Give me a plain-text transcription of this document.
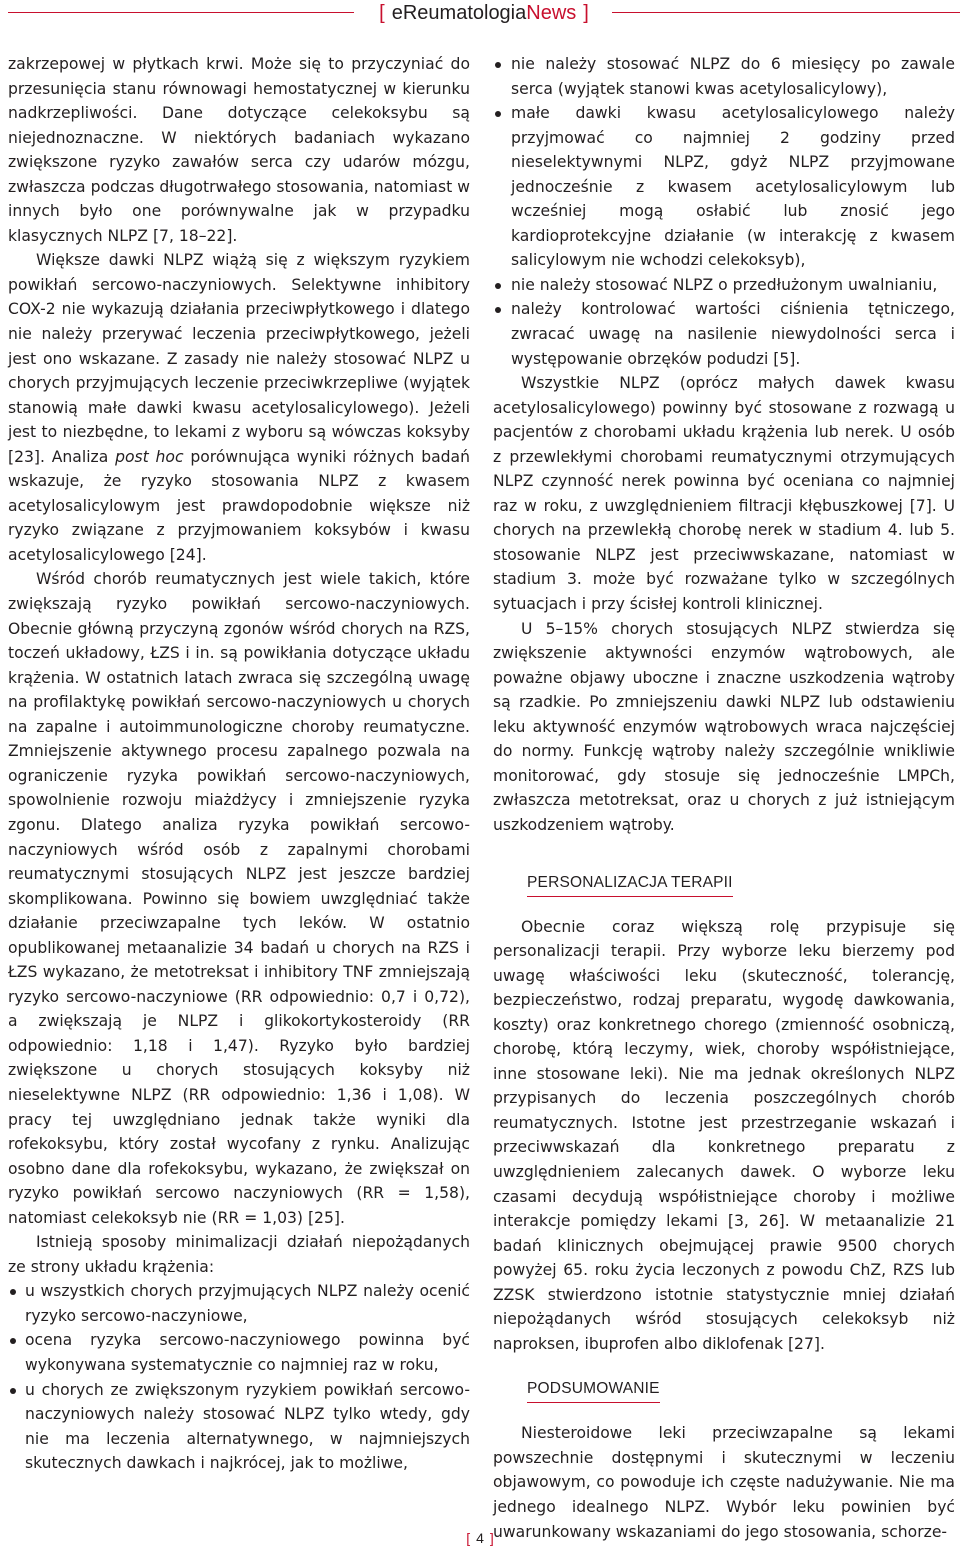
[ eReumatologia News ]

zakrzepowej w płytkach krwi. Może się to przyczyniać do przesunięcia stanu równowagi hemostatycznej w kierunku nadkrzepliwości. Dane dotyczące celekoksybu są niejednoznaczne. W niektórych badaniach wykazano zwiększone ryzyko zawałów serca czy udarów mózgu, zwłaszcza podczas długotrwałego stosowania, natomiast w innych było one porównywalne jak w przypadku klasycznych NLPZ [7, 18–22].

Większe dawki NLPZ wiążą się z większym ryzykiem powikłań sercowo-naczyniowych. Selektywne inhibitory COX-2 nie wykazują działania przeciwpłytkowego i dlatego nie należy przerywać leczenia przeciwpłytkowego, jeżeli jest ono wskazane. Z zasady nie należy stosować NLPZ u chorych przyjmujących leczenie przeciwkrzepliwe (wyjątek stanowią małe dawki kwasu acetylosalicylowego). Jeżeli jest to niezbędne, to lekami z wyboru są wówczas koksyby [23]. Analiza post hoc porównująca wyniki różnych badań wskazuje, że ryzyko stosowania NLPZ z kwasem acetylosalicylowym jest prawdopodobnie większe niż ryzyko związane z przyjmowaniem koksybów i kwasu acetylosalicylowego [24].

Wśród chorób reumatycznych jest wiele takich, które zwiększają ryzyko powikłań sercowo-naczyniowych. Obecnie główną przyczyną zgonów wśród chorych na RZS, toczeń układowy, ŁZS i in. są powikłania dotyczące układu krążenia. W ostatnich latach zwraca się szczególną uwagę na profilaktykę powikłań sercowo-naczyniowych u chorych na zapalne i autoimmunologiczne choroby reumatyczne. Zmniejszenie aktywnego procesu zapalnego pozwala na ograniczenie ryzyka powikłań sercowo-naczyniowych, spowolnienie rozwoju miażdżycy i zmniejszenie ryzyka zgonu. Dlatego analiza ryzyka powikłań sercowo-naczyniowych wśród osób z zapalnymi chorobami reumatycznymi stosujących NLPZ jest jeszcze bardziej skomplikowana. Powinno się bowiem uwzględniać także działanie przeciwzapalne tych leków. W ostatnio opublikowanej metaanalizie 34 badań u chorych na RZS i ŁZS wykazano, że metotreksat i inhibitory TNF zmniejszają ryzyko sercowo-naczyniowe (RR odpowiednio: 0,7 i 0,72), a zwiększają je NLPZ i glikokortykosteroidy (RR odpowiednio: 1,18 i 1,47). Ryzyko było bardziej zwiększone u chorych stosujących koksyby niż nieselektywne NLPZ (RR odpowiednio: 1,36 i 1,08). W pracy tej uwzględniano jednak także wyniki dla rofekoksybu, który został wycofany z rynku. Analizując osobno dane dla rofekoksybu, wykazano, że zwiększał on ryzyko powikłań sercowo naczyniowych (RR = 1,58), natomiast celekoksyb nie (RR = 1,03) [25].

Istnieją sposoby minimalizacji działań niepożądanych ze strony układu krążenia:

u wszystkich chorych przyjmujących NLPZ należy ocenić ryzyko sercowo-naczyniowe,
ocena ryzyka sercowo-naczyniowego powinna być wykonywana systematycznie co najmniej raz w roku,
u chorych ze zwiększonym ryzykiem powikłań sercowo-naczyniowych należy stosować NLPZ tylko wtedy, gdy nie ma leczenia alternatywnego, w najmniejszych skutecznych dawkach i najkrócej, jak to możliwe,
nie należy stosować NLPZ do 6 miesięcy po zawale serca (wyjątek stanowi kwas acetylosalicylowy),
małe dawki kwasu acetylosalicylowego należy przyjmować co najmniej 2 godziny przed nieselektywnymi NLPZ, gdyż NLPZ przyjmowane jednocześnie z kwasem acetylosalicylowym lub wcześniej mogą osłabić lub znosić jego kardioprotekcyjne działanie (w interakcję z kwasem salicylowym nie wchodzi celekoksyb),
nie należy stosować NLPZ o przedłużonym uwalnianiu,
należy kontrolować wartości ciśnienia tętniczego, zwracać uwagę na nasilenie niewydolności serca i występowanie obrzęków podudzi [5].

Wszystkie NLPZ (oprócz małych dawek kwasu acetylosalicylowego) powinny być stosowane z rozwagą u pacjentów z chorobami układu krążenia lub nerek. U osób z przewlekłymi chorobami reumatycznymi otrzymujących NLPZ czynność nerek powinna być oceniana co najmniej raz w roku, z uwzględnieniem filtracji kłębuszkowej [7]. U chorych na przewlekłą chorobę nerek w stadium 4. lub 5. stosowanie NLPZ jest przeciwwskazane, natomiast w stadium 3. może być rozważane tylko w szczególnych sytuacjach i przy ścisłej kontroli klinicznej.

U 5–15% chorych stosujących NLPZ stwierdza się zwiększenie aktywności enzymów wątrobowych, ale poważne objawy uboczne i znaczne uszkodzenia wątroby są rzadkie. Po zmniejszeniu dawki NLPZ lub odstawieniu leku aktywność enzymów wątrobowych wraca najczęściej do normy. Funkcję wątroby należy szczególnie wnikliwie monitorować, gdy stosuje się jednocześnie LMPCh, zwłaszcza metotreksat, oraz u chorych z już istniejącym uszkodzeniem wątroby.

PERSONALIZACJA TERAPII

Obecnie coraz większą rolę przypisuje się personalizacji terapii. Przy wyborze leku bierzemy pod uwagę właściwości leku (skuteczność, tolerancję, bezpieczeństwo, rodzaj preparatu, wygodę dawkowania, koszty) oraz konkretnego chorego (zmienność osobniczą, chorobę, którą leczymy, wiek, choroby współistniejące, inne stosowane leki). Nie ma jednak określonych NLPZ przypisanych do leczenia poszczególnych chorób reumatycznych. Istotne jest przestrzeganie wskazań i przeciwwskazań dla konkretnego preparatu z uwzględnieniem zalecanych dawek. O wyborze leku czasami decydują współistniejące choroby i możliwe interakcje pomiędzy lekami [3, 26]. W metaanalizie 21 badań klinicznych obejmującej prawie 9500 chorych powyżej 65. roku życia leczonych z powodu ChZ, RZS lub ZZSK stwierdzono istotnie statystycznie mniej działań niepożądanych wśród stosujących celekoksyb niż naproksen, ibuprofen albo diklofenak [27].

PODSUMOWANIE

Niesteroidowe leki przeciwzapalne są lekami powszechnie dostępnymi i skutecznymi w leczeniu objawowym, co powoduje ich częste nadużywanie. Nie ma jednego idealnego NLPZ. Wybór leku powinien być uwarunkowany wskazaniami do jego stosowania, schorze-

[ 4 ]
